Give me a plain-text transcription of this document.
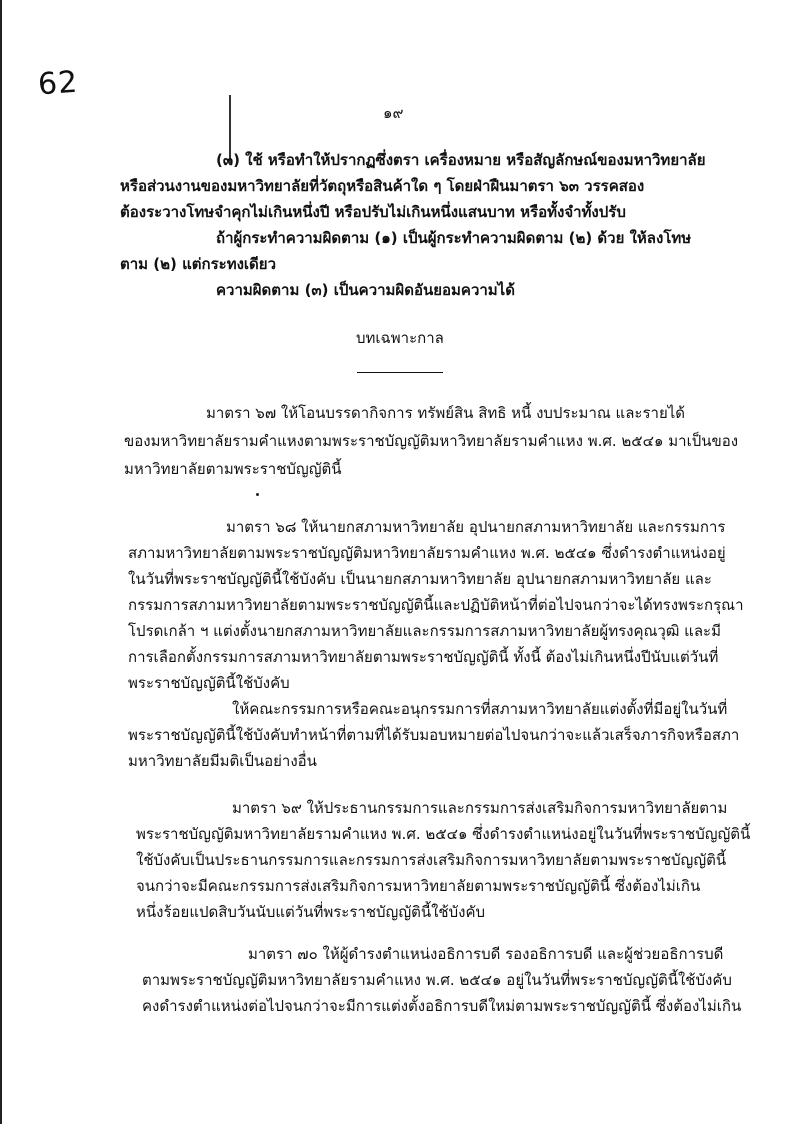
62
๑๙
(๓) ใช้ หรือทำให้ปรากฏซึ่งตรา เครื่องหมาย หรือสัญลักษณ์ของมหาวิทยาลัย
หรือส่วนงานของมหาวิทยาลัยที่วัตถุหรือสินค้าใด ๆ โดยฝ่าฝืนมาตรา ๖๓ วรรคสอง
ต้องระวางโทษจำคุกไม่เกินหนึ่งปี หรือปรับไม่เกินหนึ่งแสนบาท หรือทั้งจำทั้งปรับ
ถ้าผู้กระทำความผิดตาม (๑) เป็นผู้กระทำความผิดตาม (๒) ด้วย ให้ลงโทษ
ตาม (๒) แต่กระทงเดียว
ความผิดตาม (๓) เป็นความผิดอันยอมความได้
บทเฉพาะกาล
มาตรา ๖๗ ให้โอนบรรดากิจการ ทรัพย์สิน สิทธิ หนี้ งบประมาณ และรายได้
ของมหาวิทยาลัยรามคำแหงตามพระราชบัญญัติมหาวิทยาลัยรามคำแหง พ.ศ. ๒๕๔๑ มาเป็นของ
มหาวิทยาลัยตามพระราชบัญญัตินี้
มาตรา ๖๘ ให้นายกสภามหาวิทยาลัย อุปนายกสภามหาวิทยาลัย และกรรมการ
สภามหาวิทยาลัยตามพระราชบัญญัติมหาวิทยาลัยรามคำแหง พ.ศ. ๒๕๔๑ ซึ่งดำรงตำแหน่งอยู่
ในวันที่พระราชบัญญัตินี้ใช้บังคับ เป็นนายกสภามหาวิทยาลัย อุปนายกสภามหาวิทยาลัย และ
กรรมการสภามหาวิทยาลัยตามพระราชบัญญัตินี้และปฏิบัติหน้าที่ต่อไปจนกว่าจะได้ทรงพระกรุณา
โปรดเกล้า ฯ แต่งตั้งนายกสภามหาวิทยาลัยและกรรมการสภามหาวิทยาลัยผู้ทรงคุณวุฒิ และมี
การเลือกตั้งกรรมการสภามหาวิทยาลัยตามพระราชบัญญัตินี้ ทั้งนี้ ต้องไม่เกินหนึ่งปีนับแต่วันที่
พระราชบัญญัตินี้ใช้บังคับ
ให้คณะกรรมการหรือคณะอนุกรรมการที่สภามหาวิทยาลัยแต่งตั้งที่มีอยู่ในวันที่
พระราชบัญญัตินี้ใช้บังคับทำหน้าที่ตามที่ได้รับมอบหมายต่อไปจนกว่าจะแล้วเสร็จภารกิจหรือสภา
มหาวิทยาลัยมีมติเป็นอย่างอื่น
มาตรา ๖๙ ให้ประธานกรรมการและกรรมการส่งเสริมกิจการมหาวิทยาลัยตาม
พระราชบัญญัติมหาวิทยาลัยรามคำแหง พ.ศ. ๒๕๔๑ ซึ่งดำรงตำแหน่งอยู่ในวันที่พระราชบัญญัตินี้
ใช้บังคับเป็นประธานกรรมการและกรรมการส่งเสริมกิจการมหาวิทยาลัยตามพระราชบัญญัตินี้
จนกว่าจะมีคณะกรรมการส่งเสริมกิจการมหาวิทยาลัยตามพระราชบัญญัตินี้ ซึ่งต้องไม่เกิน
หนึ่งร้อยแปดสิบวันนับแต่วันที่พระราชบัญญัตินี้ใช้บังคับ
มาตรา ๗๐ ให้ผู้ดำรงตำแหน่งอธิการบดี รองอธิการบดี และผู้ช่วยอธิการบดี
ตามพระราชบัญญัติมหาวิทยาลัยรามคำแหง พ.ศ. ๒๕๔๑ อยู่ในวันที่พระราชบัญญัตินี้ใช้บังคับ
คงดำรงตำแหน่งต่อไปจนกว่าจะมีการแต่งตั้งอธิการบดีใหม่ตามพระราชบัญญัตินี้ ซึ่งต้องไม่เกิน
